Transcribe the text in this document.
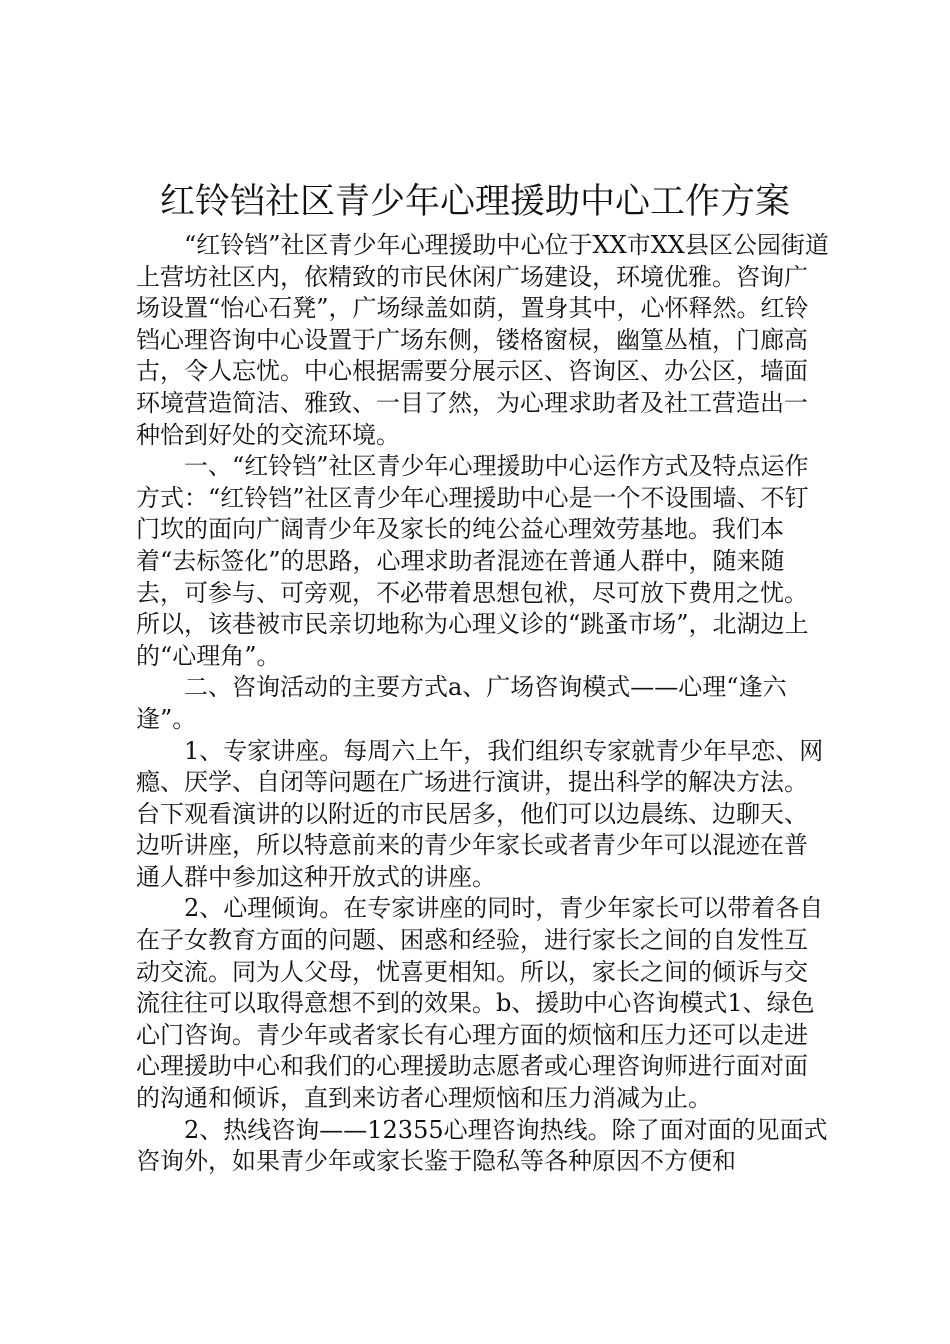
红铃铛社区青少年心理援助中心工作方案

“红铃铛”社区青少年心理援助中心位于XX市XX县区公园街道上营坊社区内，依精致的市民休闲广场建设，环境优雅。咨询广场设置“怡心石凳”，广场绿盖如荫，置身其中，心怀释然。红铃铛心理咨询中心设置于广场东侧，镂格窗棂，幽篁丛植，门廊高古，令人忘忧。中心根据需要分展示区、咨询区、办公区，墙面环境营造简洁、雅致、一目了然，为心理求助者及社工营造出一种恰到好处的交流环境。

一、“红铃铛”社区青少年心理援助中心运作方式及特点运作方式：“红铃铛”社区青少年心理援助中心是一个不设围墙、不钉门坎的面向广阔青少年及家长的纯公益心理效劳基地。我们本着“去标签化”的思路，心理求助者混迹在普通人群中，随来随去，可参与、可旁观，不必带着思想包袱，尽可放下费用之忧。所以，该巷被市民亲切地称为心理义诊的“跳蚤市场”，北湖边上的“心理角”。

二、咨询活动的主要方式a、广场咨询模式——心理“逢六逢”。

1、专家讲座。每周六上午，我们组织专家就青少年早恋、网瘾、厌学、自闭等问题在广场进行演讲，提出科学的解决方法。台下观看演讲的以附近的市民居多，他们可以边晨练、边聊天、边听讲座，所以特意前来的青少年家长或者青少年可以混迹在普通人群中参加这种开放式的讲座。

2、心理倾询。在专家讲座的同时，青少年家长可以带着各自在子女教育方面的问题、困惑和经验，进行家长之间的自发性互动交流。同为人父母，忧喜更相知。所以，家长之间的倾诉与交流往往可以取得意想不到的效果。b、援助中心咨询模式1、绿色心门咨询。青少年或者家长有心理方面的烦恼和压力还可以走进心理援助中心和我们的心理援助志愿者或心理咨询师进行面对面的沟通和倾诉，直到来访者心理烦恼和压力消减为止。

2、热线咨询——12355心理咨询热线。除了面对面的见面式咨询外，如果青少年或家长鉴于隐私等各种原因不方便和
